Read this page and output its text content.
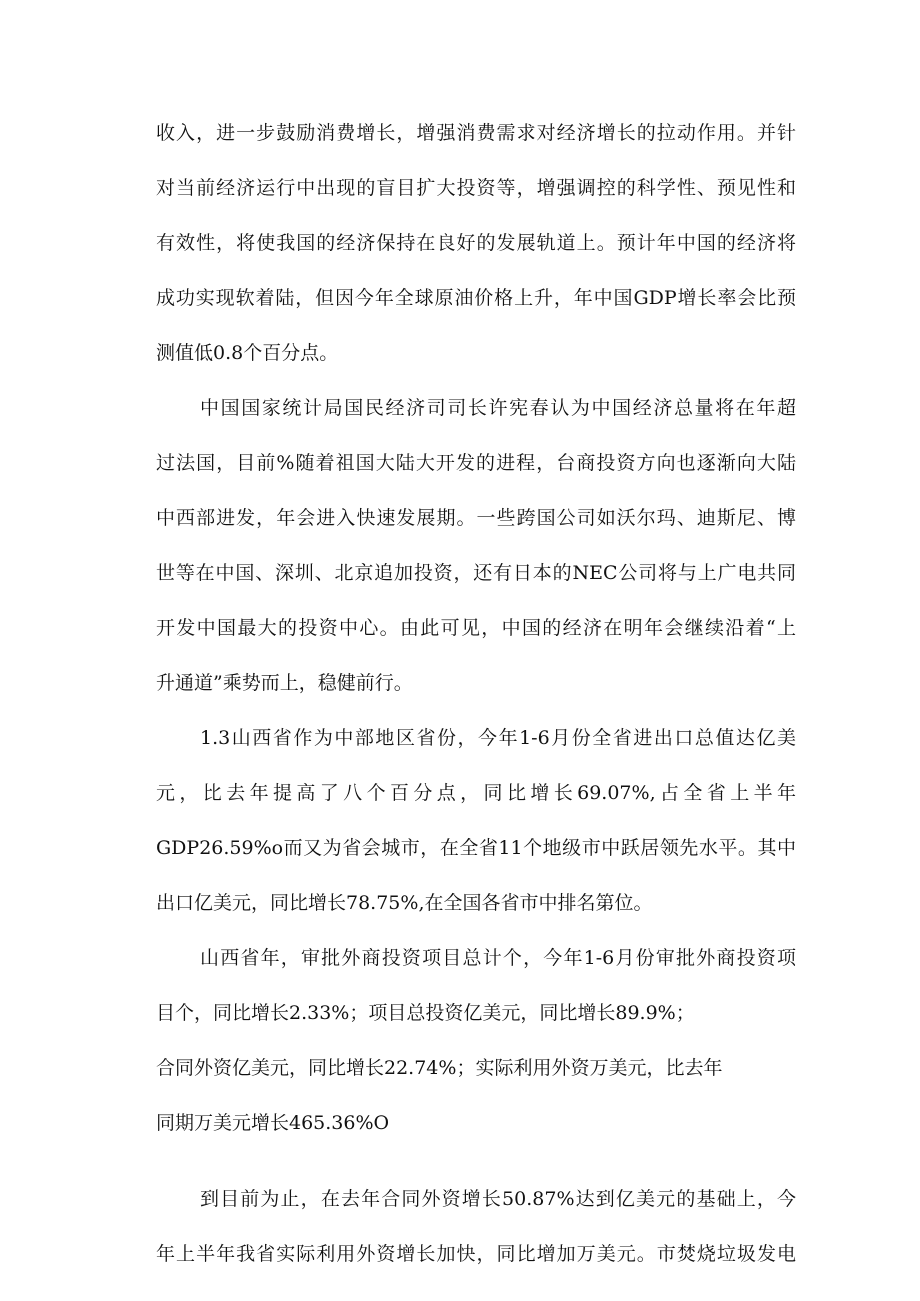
收入，进一步鼓励消费增长，增强消费需求对经济增长的拉动作用。并针
对当前经济运行中出现的盲目扩大投资等，增强调控的科学性、预见性和
有效性，将使我国的经济保持在良好的发展轨道上。预计年中国的经济将
成功实现软着陆，但因今年全球原油价格上升，年中国GDP增长率会比预
测值低0.8个百分点。
中国国家统计局国民经济司司长许宪春认为中国经济总量将在年超
过法国，目前%随着祖国大陆大开发的进程，台商投资方向也逐渐向大陆
中西部进发，年会进入快速发展期。一些跨国公司如沃尔玛、迪斯尼、博
世等在中国、深圳、北京追加投资，还有日本的NEC公司将与上广电共同
开发中国最大的投资中心。由此可见，中国的经济在明年会继续沿着“上
升通道”乘势而上，稳健前行。
1.3山西省作为中部地区省份，今年1-6月份全省进出口总值达亿美
元，比去年提高了八个百分点，同比增长69.07%,占全省上半年
GDP26.59%o而又为省会城市，在全省11个地级市中跃居领先水平。其中
出口亿美元，同比增长78.75%,在全国各省市中排名第位。
山西省年，审批外商投资项目总计个，今年1-6月份审批外商投资项
目个，同比增长2.33%；项目总投资亿美元，同比增长89.9%；
合同外资亿美元，同比增长22.74%；实际利用外资万美元，比去年
同期万美元增长465.36%O
到目前为止，在去年合同外资增长50.87%达到亿美元的基础上，今
年上半年我省实际利用外资增长加快，同比增加万美元。市焚烧垃圾发电
